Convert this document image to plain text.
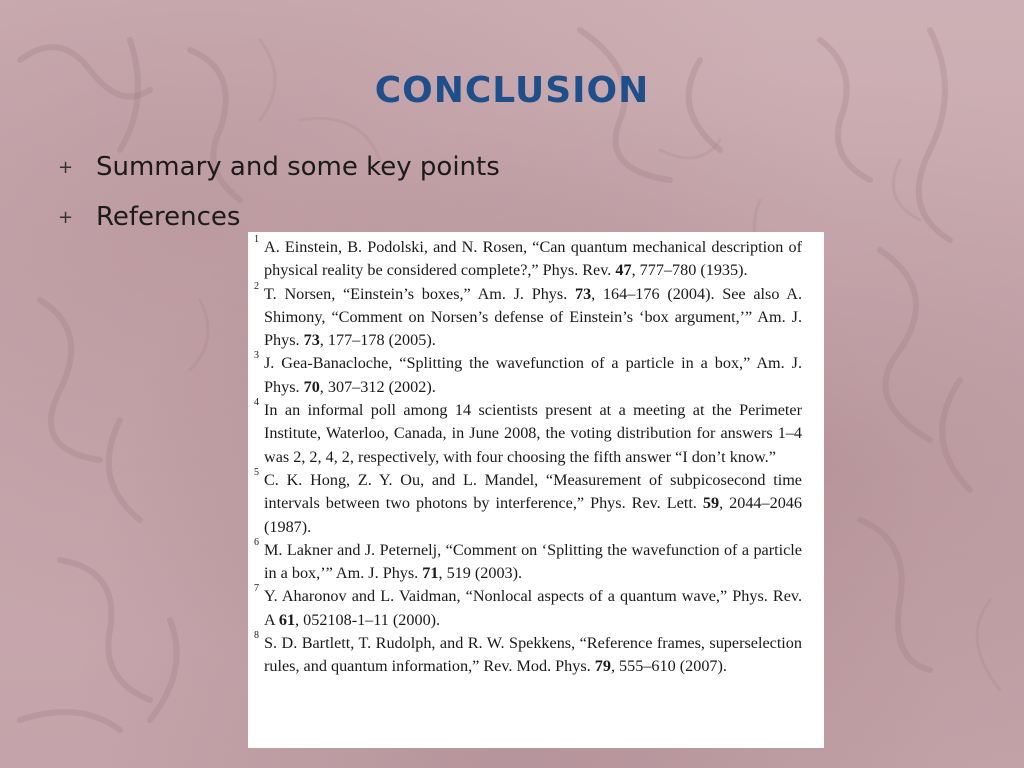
CONCLUSION
+ Summary and some key points
+ References
1 A. Einstein, B. Podolski, and N. Rosen, “Can quantum mechanical description of physical reality be considered complete?,” Phys. Rev. 47, 777–780 (1935).
2 T. Norsen, “Einstein’s boxes,” Am. J. Phys. 73, 164–176 (2004). See also A. Shimony, “Comment on Norsen’s defense of Einstein’s ‘box argument,’” Am. J. Phys. 73, 177–178 (2005).
3 J. Gea-Banacloche, “Splitting the wavefunction of a particle in a box,” Am. J. Phys. 70, 307–312 (2002).
4 In an informal poll among 14 scientists present at a meeting at the Perimeter Institute, Waterloo, Canada, in June 2008, the voting distribution for answers 1–4 was 2, 2, 4, 2, respectively, with four choosing the fifth answer “I don’t know.”
5 C. K. Hong, Z. Y. Ou, and L. Mandel, “Measurement of subpicosecond time intervals between two photons by interference,” Phys. Rev. Lett. 59, 2044–2046 (1987).
6 M. Lakner and J. Peternelj, “Comment on ‘Splitting the wavefunction of a particle in a box,’” Am. J. Phys. 71, 519 (2003).
7 Y. Aharonov and L. Vaidman, “Nonlocal aspects of a quantum wave,” Phys. Rev. A 61, 052108-1–11 (2000).
8 S. D. Bartlett, T. Rudolph, and R. W. Spekkens, “Reference frames, superselection rules, and quantum information,” Rev. Mod. Phys. 79, 555–610 (2007).
